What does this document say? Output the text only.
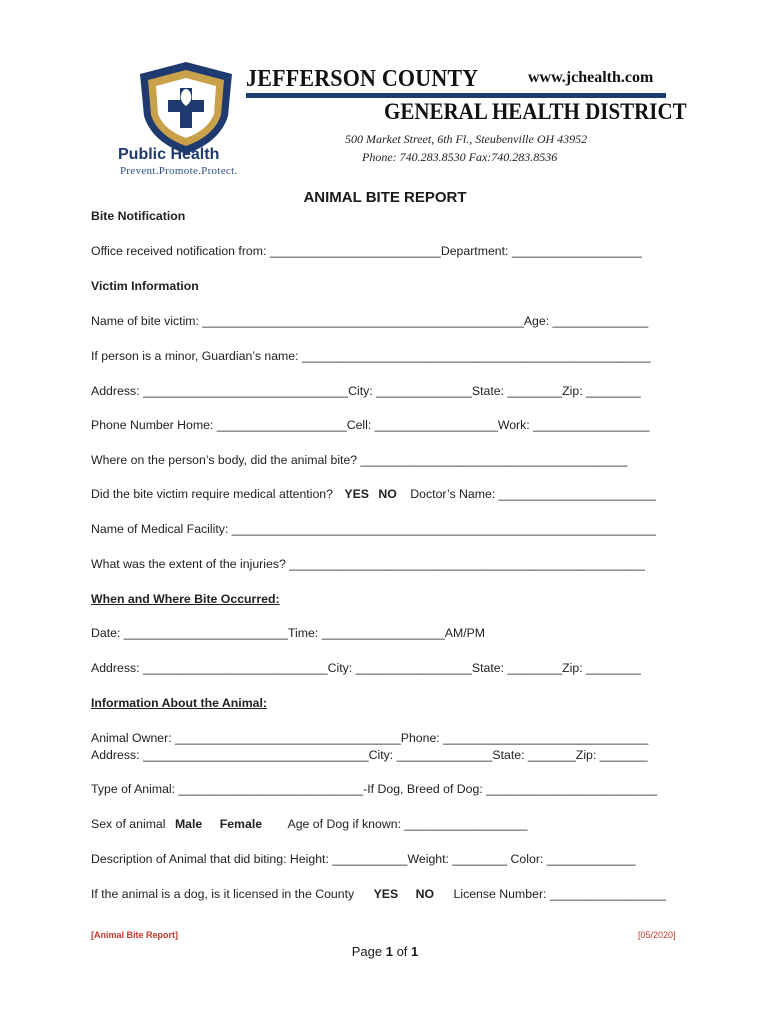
Public Health
Prevent.Promote.Protect.
JEFFERSON COUNTY	www.jchealth.com
GENERAL HEALTH DISTRICT
500 Market Street, 6th Fl., Steubenville OH 43952
Phone: 740.283.8530 Fax:740.283.8536
ANIMAL BITE REPORT
Bite Notification
Office received notification from: _________________________Department: ___________________
Victim Information
Name of bite victim: _______________________________________________Age: ______________
If person is a minor, Guardian’s name: ___________________________________________________
Address: ______________________________City: ______________State: ________Zip: ________
Phone Number Home: ___________________Cell: __________________Work: _________________
Where on the person’s body, did the animal bite? _______________________________________
Did the bite victim require medical attention? YES NO Doctor’s Name: _______________________
Name of Medical Facility: ______________________________________________________________
What was the extent of the injuries? ____________________________________________________
When and Where Bite Occurred:
Date: ________________________Time: __________________AM/PM
Address: ___________________________City: _________________State: ________Zip: ________
Information About the Animal:
Animal Owner: _________________________________Phone: ______________________________
Address: _________________________________City: ______________State: _______Zip: _______
Type of Animal: ___________________________-If Dog, Breed of Dog: _________________________
Sex of animal Male Female Age of Dog if known: __________________
Description of Animal that did biting: Height: ___________Weight: ________ Color: _____________
If the animal is a dog, is it licensed in the County YES NO License Number: _________________
[Animal Bite Report]	[05/2020]
Page 1 of 1
